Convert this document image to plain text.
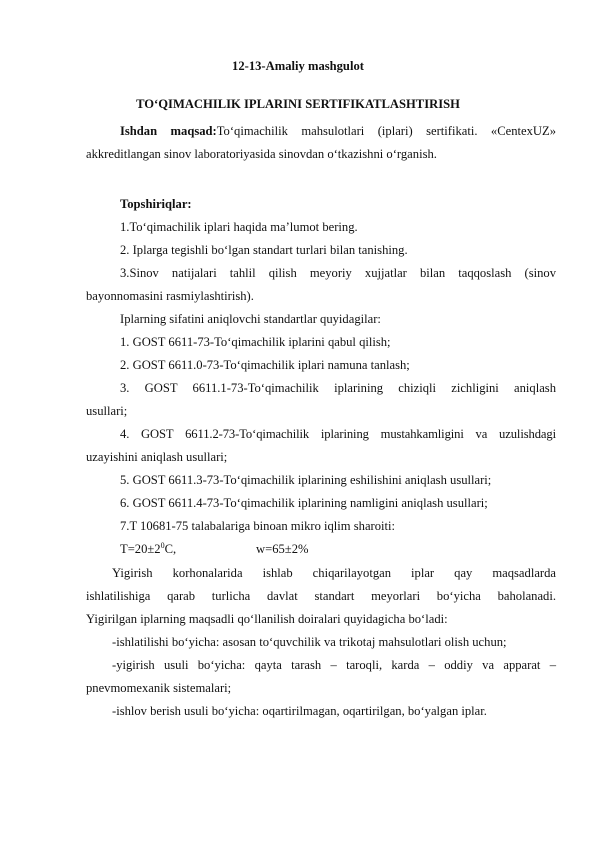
12-13-Amaliy mashgulot
TO‘QIMACHILIK IPLARINI SERTIFIKATLASHTIRISH
Ishdan maqsad:To‘qimachilik mahsulotlari (iplari) sertifikati. «CentexUZ»
akkreditlangan sinov laboratoriyasida sinovdan o‘tkazishni o‘rganish.
Topshiriqlar:
1.To‘qimachilik iplari haqida ma’lumot bering.
2. Iplarga tegishli bo‘lgan standart turlari bilan tanishing.
3.Sinov natijalari tahlil qilish meyoriy xujjatlar bilan taqqoslash (sinov
bayonnomasini rasmiylashtirish).
Iplarning sifatini aniqlovchi standartlar quyidagilar:
1. GOST 6611-73-To‘qimachilik iplarini qabul qilish;
2. GOST 6611.0-73-To‘qimachilik iplari namuna tanlash;
3. GOST 6611.1-73-To‘qimachilik iplarining chiziqli zichligini aniqlash
usullari;
4. GOST 6611.2-73-To‘qimachilik iplarining mustahkamligini va uzulishdagi
uzayishini aniqlash usullari;
5. GOST 6611.3-73-To‘qimachilik iplarining eshilishini aniqlash usullari;
6. GOST 6611.4-73-To‘qimachilik iplarining namligini aniqlash usullari;
7.T 10681-75 talabalariga binoan mikro iqlim sharoiti:
$T=20\pm 2^0C$,	w=65±2%
Yigirish korhonalarida ishlab chiqarilayotgan iplar qay maqsadlarda
ishlatilishiga qarab turlicha davlat standart meyorlari bo‘yicha baholanadi.
Yigirilgan iplarning maqsadli qo‘llanilish doiralari quyidagicha bo‘ladi:
-ishlatilishi bo‘yicha: asosan to‘quvchilik va trikotaj mahsulotlari olish uchun;
-yigirish usuli bo‘yicha: qayta tarash – taroqli, karda – oddiy va apparat –
pnevmomexanik sistemalari;
-ishlov berish usuli bo‘yicha: oqartirilmagan, oqartirilgan, bo‘yalgan iplar.
